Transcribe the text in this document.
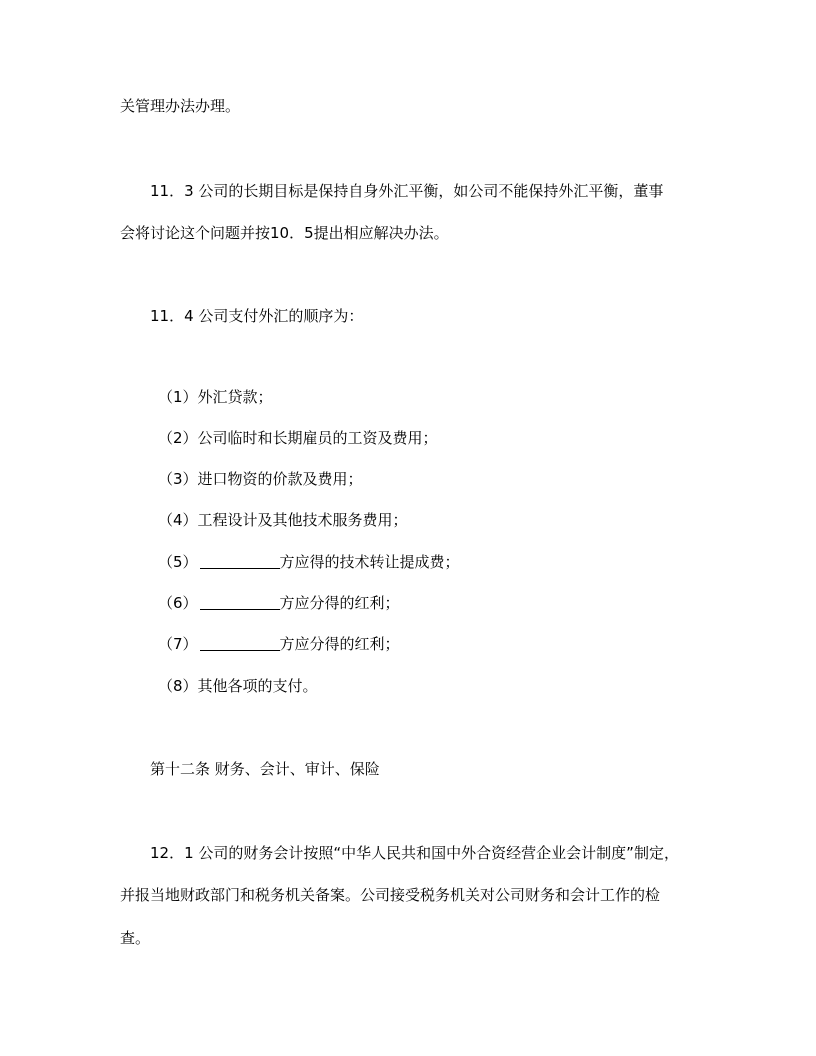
关管理办法办理。
11．3 公司的长期目标是保持自身外汇平衡，如公司不能保持外汇平衡，董事
会将讨论这个问题并按10．5提出相应解决办法。
11．4 公司支付外汇的顺序为：
（1）外汇贷款；
（2）公司临时和长期雇员的工资及费用；
（3）进口物资的价款及费用；
（4）工程设计及其他技术服务费用；
（5）	方应得的技术转让提成费；
（6）	方应分得的红利；
（7）	方应分得的红利；
（8）其他各项的支付。
第十二条 财务、会计、审计、保险
12．1 公司的财务会计按照“中华人民共和国中外合资经营企业会计制度”制定，
并报当地财政部门和税务机关备案。公司接受税务机关对公司财务和会计工作的检
查。
